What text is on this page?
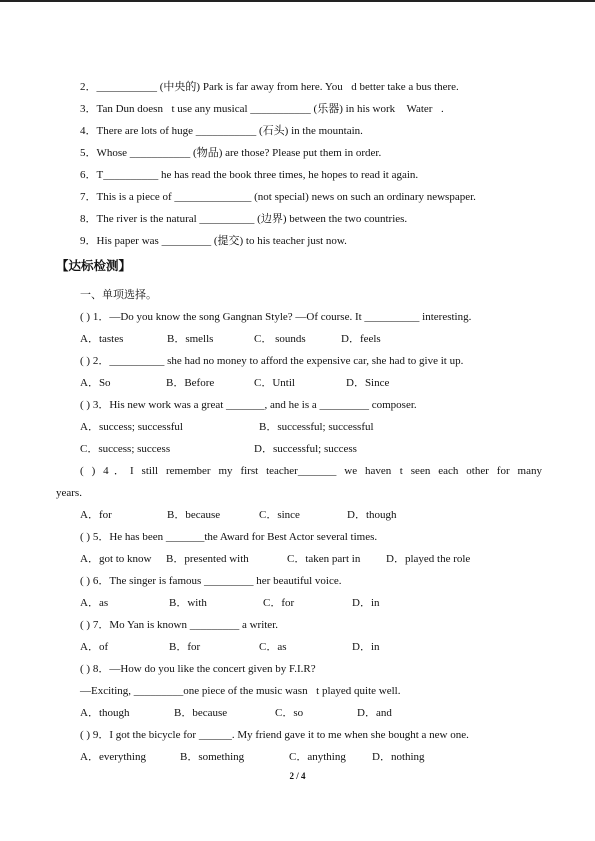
2．___________ (中央的) Park is far away from here. You d better take a bus there.
3．Tan Dun doesn t use any musical ___________ (乐器) in his work  Water .
4．There are lots of huge ___________ (石头) in the mountain.
5．Whose ___________ (物品) are those? Please put them in order.
6．T__________ he has read the book three times, he hopes to read it again.
7．This is a piece of ______________ (not special) news on such an ordinary newspaper.
8．The river is the natural __________ (边界) between the two countries.
9．His paper was _________ (提交) to his teacher just now.
【达标检测】
一、单项选择。
( ) 1．—Do you know the song Gangnan Style? —Of course. It __________ interesting.
A．tastes	B．smells	C． sounds	D．feels
( ) 2．__________ she had no money to afford the expensive car, she had to give it up.
A．So	B．Before	C．Until	D．Since
( ) 3．His new work was a great _______, and he is a _________ composer.
A．success; successful	B．successful; successful
C．success; success	D．successful; success
( ) 4．I still remember my first teacher_______ we haven t seen each other for many
years.
A．for	B．because	C．since	D．though
( ) 5．He has been _______the Award for Best Actor several times.
A．got to know B．presented with	C．taken part in D．played the role
( ) 6．The singer is famous _________ her beautiful voice.
A．as	B．with	C．for	D．in
( ) 7．Mo Yan is known _________ a writer.
A．of	B．for	C．as	D．in
( ) 8．—How do you like the concert given by F.I.R?
—Exciting, _________one piece of the music wasn t played quite well.
A．though	B．because	C．so	D．and
( ) 9．I got the bicycle for ______. My friend gave it to me when she bought a new one.
A．everything	B．something	C．anything D．nothing
2 / 4
